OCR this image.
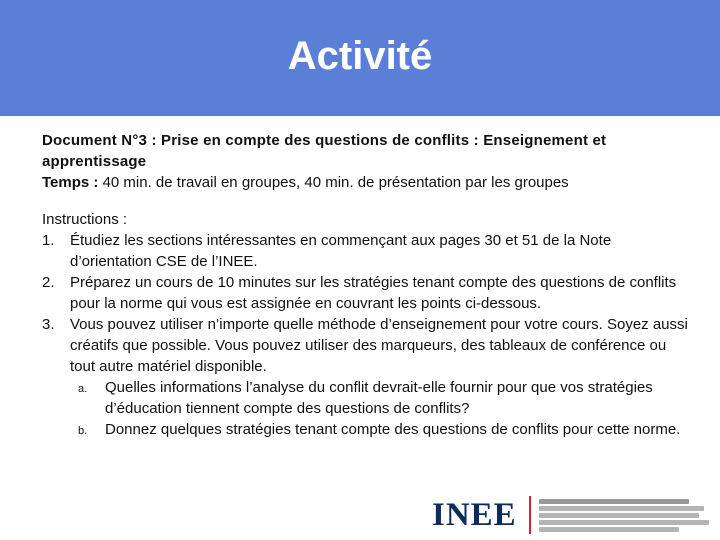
Activité
Document N°3 : Prise en compte des questions de conflits : Enseignement et apprentissage
Temps : 40 min. de travail en groupes, 40 min. de présentation par les groupes
Instructions :
1. Étudiez les sections intéressantes en commençant aux pages 30 et 51 de la Note d’orientation CSE de l’INEE.
2. Préparez un cours de 10 minutes sur les stratégies tenant compte des questions de conflits pour la norme qui vous est assignée en couvrant les points ci-dessous.
3. Vous pouvez utiliser n’importe quelle méthode d’enseignement pour votre cours. Soyez aussi créatifs que possible. Vous pouvez utiliser des marqueurs, des tableaux de conférence ou tout autre matériel disponible.
a. Quelles informations l’analyse du conflit devrait-elle fournir pour que vos stratégies d’éducation tiennent compte des questions de conflits?
b. Donnez quelques stratégies tenant compte des questions de conflits pour cette norme.
INEE
